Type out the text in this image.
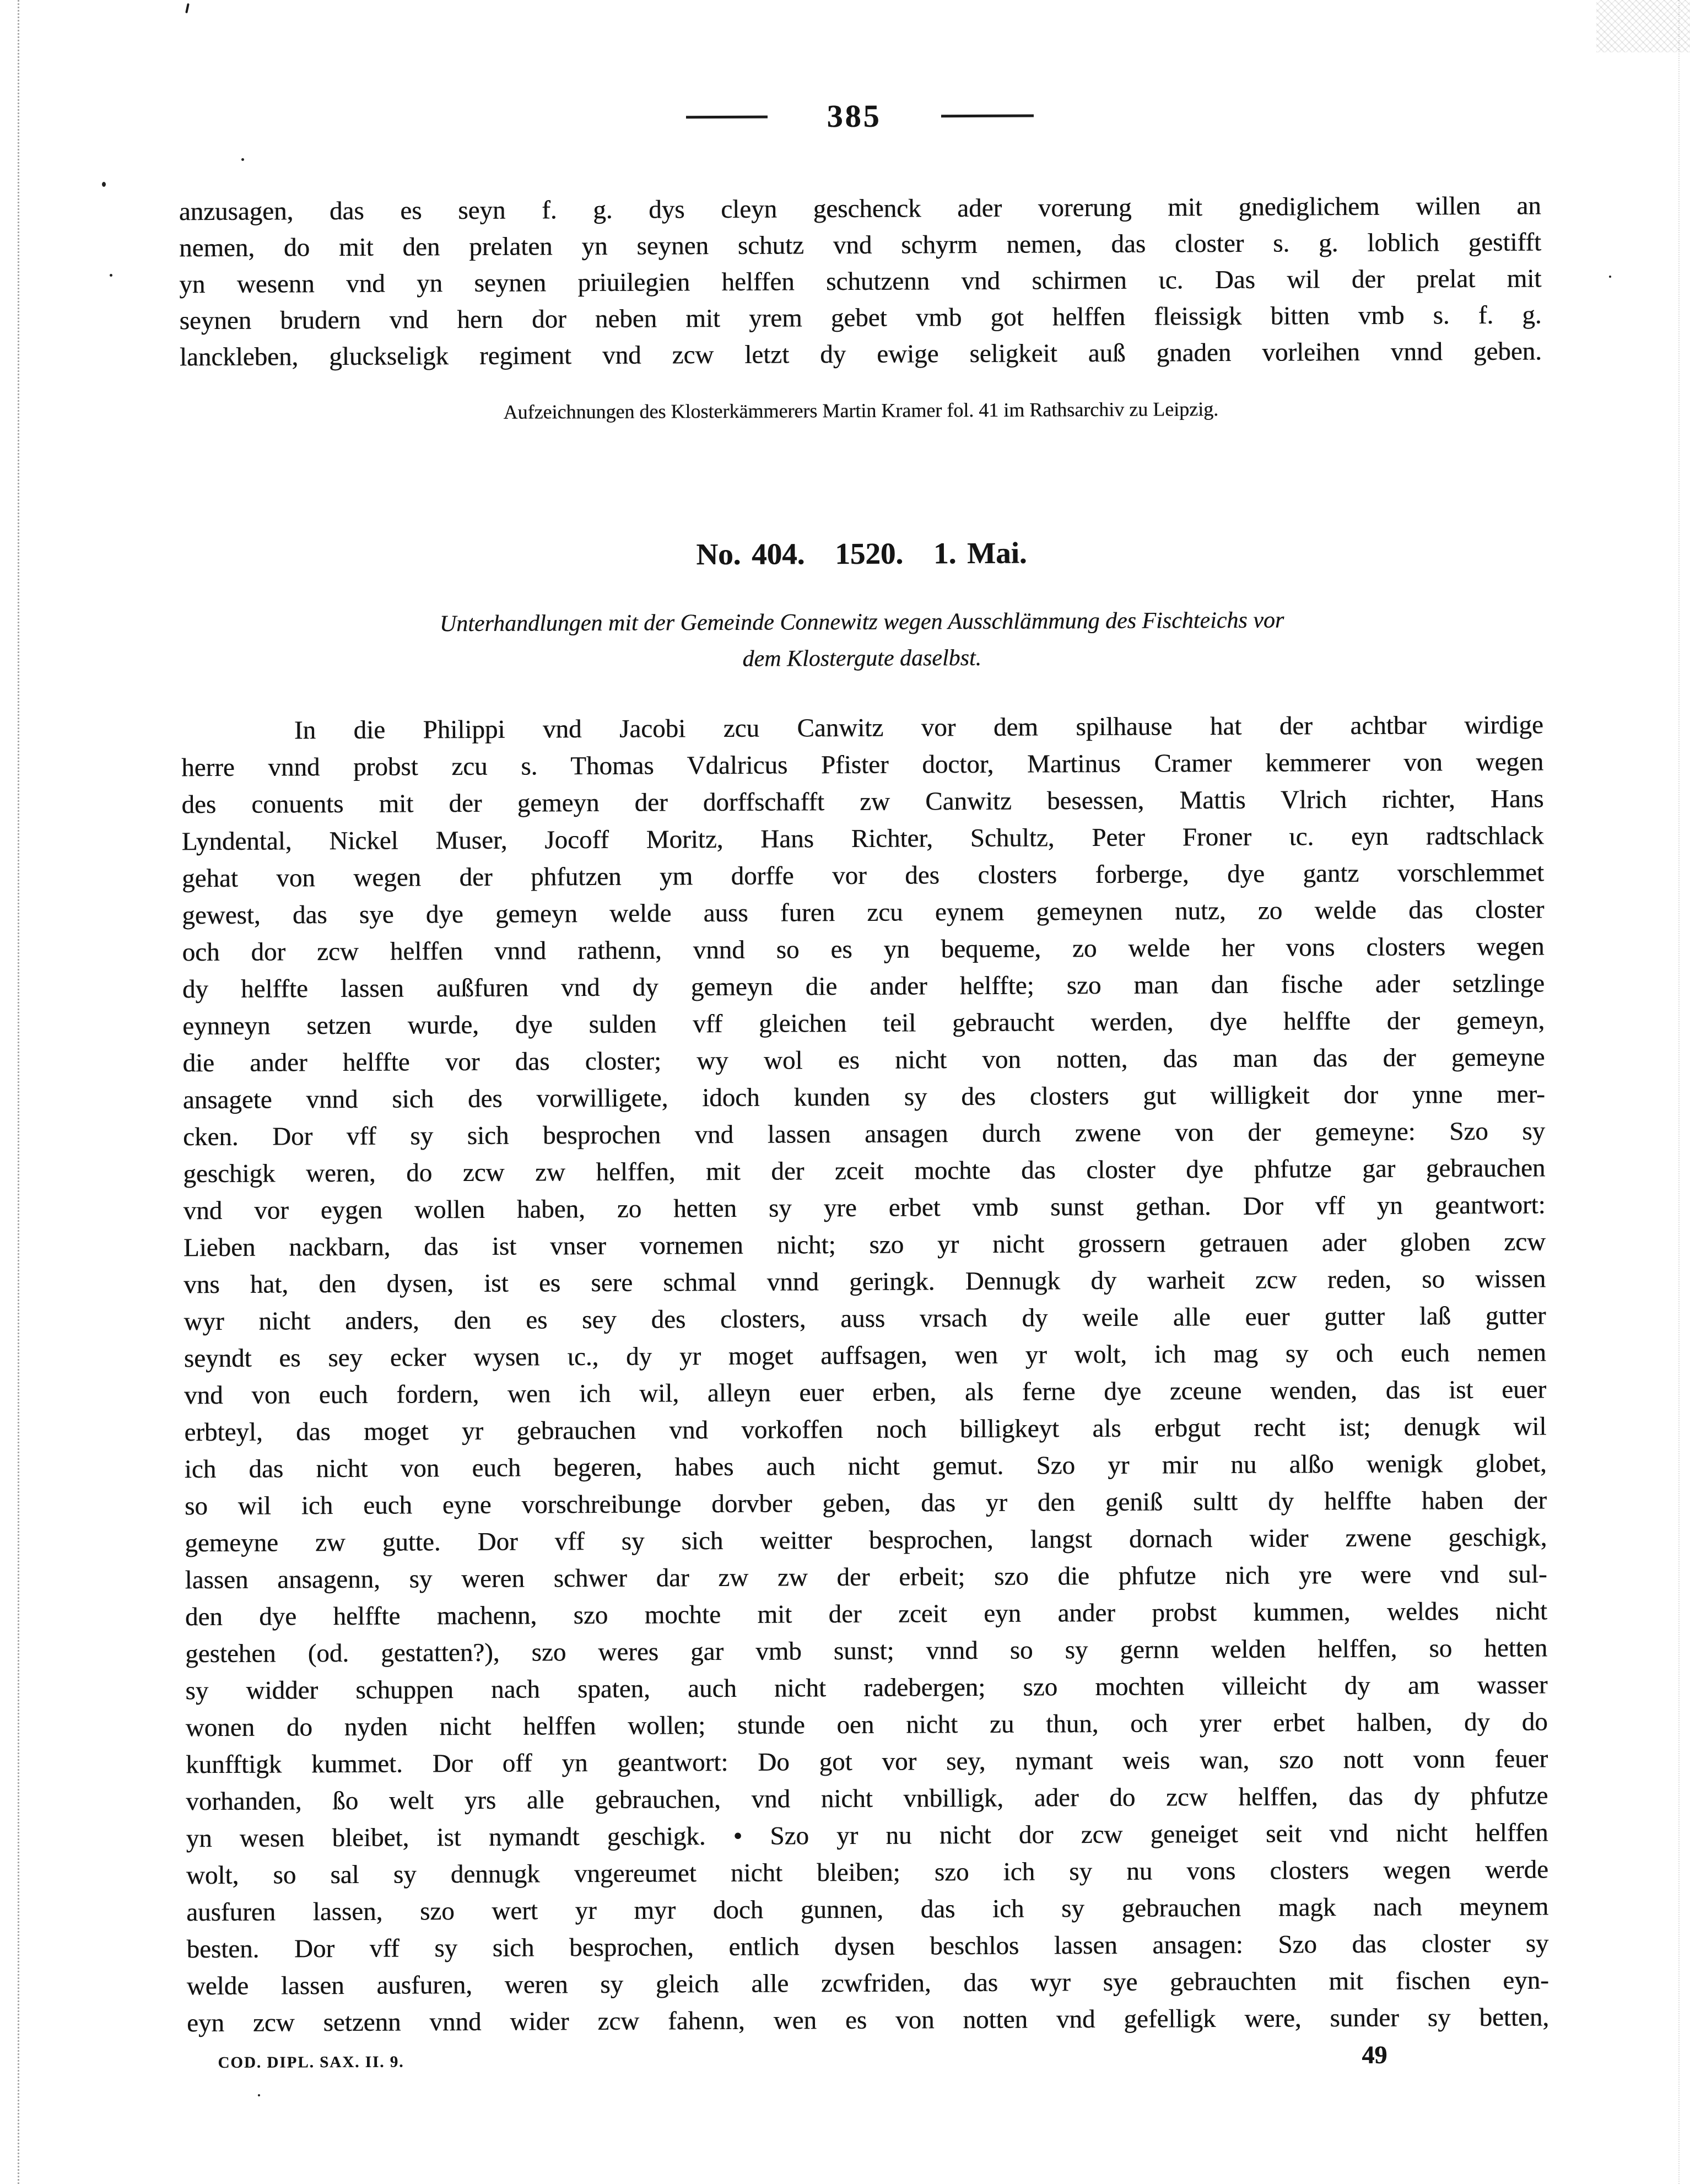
385
anzusagen, das es seyn f. g. dys cleyn geschenck ader vorerung mit gnediglichem willen an
nemen, do mit den prelaten yn seynen schutz vnd schyrm nemen, das closter s. g. loblich gestifft
yn wesenn vnd yn seynen priuilegien helffen schutzenn vnd schirmen ɩc. Das wil der prelat mit
seynen brudern vnd hern dor neben mit yrem gebet vmb got helffen fleissigk bitten vmb s. f. g.
lanckleben, gluckseligk regiment vnd zcw letzt dy ewige seligkeit auß gnaden vorleihen vnnd geben.
Aufzeichnungen des Klosterkämmerers Martin Kramer fol. 41 im Rathsarchiv zu Leipzig.
No. 404. 1520. 1. Mai.
Unterhandlungen mit der Gemeinde Connewitz wegen Ausschlämmung des Fischteichs vor
dem Klostergute daselbst.
In die Philippi vnd Jacobi zcu Canwitz vor dem spilhause hat der achtbar wirdige
herre vnnd probst zcu s. Thomas Vdalricus Pfister doctor, Martinus Cramer kemmerer von wegen
des conuents mit der gemeyn der dorffschafft zw Canwitz besessen, Mattis Vlrich richter, Hans
Lyndental, Nickel Muser, Jocoff Moritz, Hans Richter, Schultz, Peter Froner ɩc. eyn radtschlack
gehat von wegen der phfutzen ym dorffe vor des closters forberge, dye gantz vorschlemmet
gewest, das sye dye gemeyn welde auss furen zcu eynem gemeynen nutz, zo welde das closter
och dor zcw helffen vnnd rathenn, vnnd so es yn bequeme, zo welde her vons closters wegen
dy helffte lassen außfuren vnd dy gemeyn die ander helffte; szo man dan fische ader setzlinge
eynneyn setzen wurde, dye sulden vff gleichen teil gebraucht werden, dye helffte der gemeyn,
die ander helffte vor das closter; wy wol es nicht von notten, das man das der gemeyne
ansagete vnnd sich des vorwilligete, idoch kunden sy des closters gut willigkeit dor ynne mer-
cken. Dor vff sy sich besprochen vnd lassen ansagen durch zwene von der gemeyne: Szo sy
geschigk weren, do zcw zw helffen, mit der zceit mochte das closter dye phfutze gar gebrauchen
vnd vor eygen wollen haben, zo hetten sy yre erbet vmb sunst gethan. Dor vff yn geantwort:
Lieben nackbarn, das ist vnser vornemen nicht; szo yr nicht grossern getrauen ader globen zcw
vns hat, den dysen, ist es sere schmal vnnd geringk. Dennugk dy warheit zcw reden, so wissen
wyr nicht anders, den es sey des closters, auss vrsach dy weile alle euer gutter laß gutter
seyndt es sey ecker wysen ɩc., dy yr moget auffsagen, wen yr wolt, ich mag sy och euch nemen
vnd von euch fordern, wen ich wil, alleyn euer erben, als ferne dye zceune wenden, das ist euer
erbteyl, das moget yr gebrauchen vnd vorkoffen noch billigkeyt als erbgut recht ist; denugk wil
ich das nicht von euch begeren, habes auch nicht gemut. Szo yr mir nu alßo wenigk globet,
so wil ich euch eyne vorschreibunge dorvber geben, das yr den geniß sultt dy helffte haben der
gemeyne zw gutte. Dor vff sy sich weitter besprochen, langst dornach wider zwene geschigk,
lassen ansagenn, sy weren schwer dar zw zw der erbeit; szo die phfutze nich yre were vnd sul-
den dye helffte machenn, szo mochte mit der zceit eyn ander probst kummen, weldes nicht
gestehen (od. gestatten?), szo weres gar vmb sunst; vnnd so sy gernn welden helffen, so hetten
sy widder schuppen nach spaten, auch nicht radebergen; szo mochten villeicht dy am wasser
wonen do nyden nicht helffen wollen; stunde oen nicht zu thun, och yrer erbet halben, dy do
kunfftigk kummet. Dor off yn geantwort: Do got vor sey, nymant weis wan, szo nott vonn feuer
vorhanden, ßo welt yrs alle gebrauchen, vnd nicht vnbilligk, ader do zcw helffen, das dy phfutze
yn wesen bleibet, ist nymandt geschigk. • Szo yr nu nicht dor zcw geneiget seit vnd nicht helffen
wolt, so sal sy dennugk vngereumet nicht bleiben; szo ich sy nu vons closters wegen werde
ausfuren lassen, szo wert yr myr doch gunnen, das ich sy gebrauchen magk nach meynem
besten. Dor vff sy sich besprochen, entlich dysen beschlos lassen ansagen: Szo das closter sy
welde lassen ausfuren, weren sy gleich alle zcwfriden, das wyr sye gebrauchten mit fischen eyn-
eyn zcw setzenn vnnd wider zcw fahenn, wen es von notten vnd gefelligk were, sunder sy betten,
COD. DIPL. SAX. II. 9.	49
